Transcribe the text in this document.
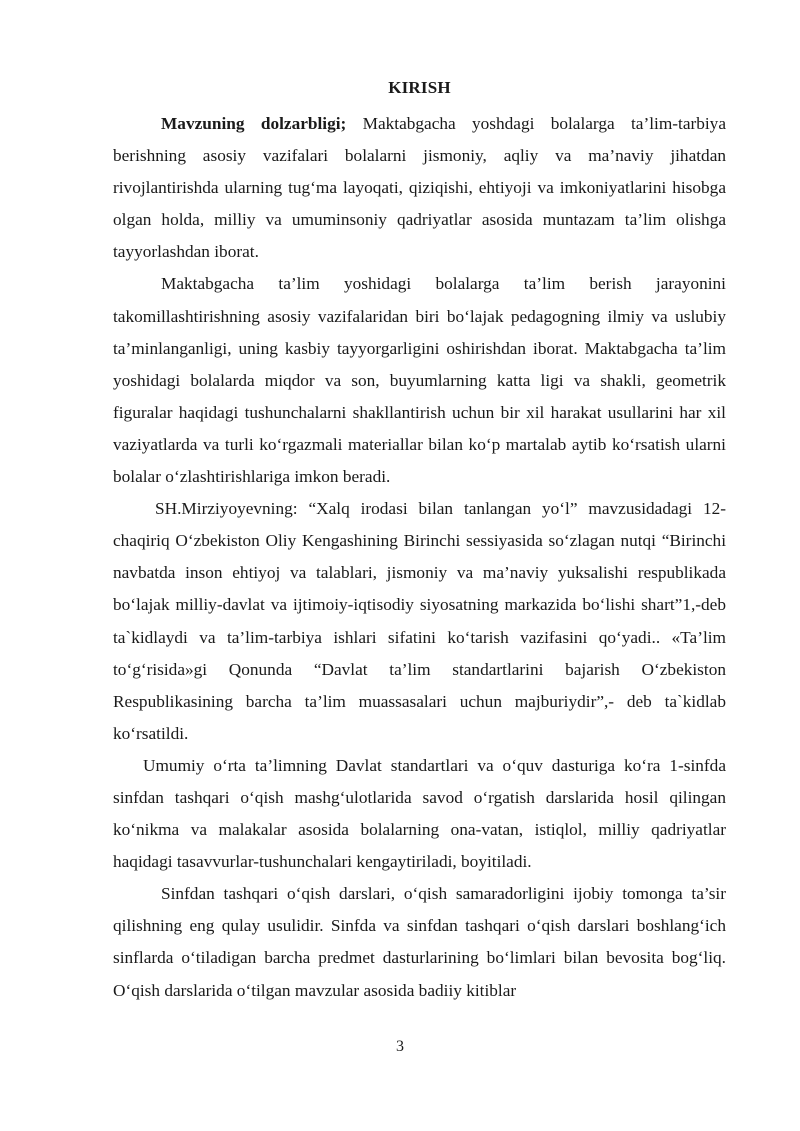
KIRISH

Mavzuning dolzarbligi; Maktabgacha yoshdagi bolalarga ta’lim-tarbiya berishning asosiy vazifalari bolalarni jismoniy, aqliy va ma’naviy jihatdan rivojlantirishda ularning tug‘ma layoqati, qiziqishi, ehtiyoji va imkoniyatlarini hisobga olgan holda, milliy va umuminsoniy qadriyatlar asosida muntazam ta’lim olishga tayyorlashdan iborat.

Maktabgacha ta’lim yoshidagi bolalarga ta’lim berish jarayonini takomillashtirishning asosiy vazifalaridan biri bo‘lajak pedagogning ilmiy va uslubiy ta’minlanganligi, uning kasbiy tayyorgarligini oshirishdan iborat. Maktabgacha ta’lim yoshidagi bolalarda miqdor va son, buyumlarning katta ligi va shakli, geometrik figuralar haqidagi tushunchalarni shakllantirish uchun bir xil harakat usullarini har xil vaziyatlarda va turli ko‘rgazmali materiallar bilan ko‘p martalab aytib ko‘rsatish ularni bolalar o‘zlashtirishlariga imkon beradi.

SH.Mirziyoyevning: “Xalq irodasi bilan tanlangan yo‘l” mavzusidadagi 12-chaqiriq O‘zbekiston Oliy Kengashining Birinchi sessiyasida so‘zlagan nutqi “Birinchi navbatda inson ehtiyoj va talablari, jismoniy va ma’naviy yuksalishi respublikada bo‘lajak milliy-davlat va ijtimoiy-iqtisodiy siyosatning markazida bo‘lishi shart”1,-deb ta`kidlaydi va ta’lim-tarbiya ishlari sifatini ko‘tarish vazifasini qo‘yadi.. «Ta’lim to‘g‘risida»gi Qonunda “Davlat ta’lim standartlarini bajarish O‘zbekiston Respublikasining barcha ta’lim muassasalari uchun majburiydir”,- deb ta`kidlab ko‘rsatildi.

Umumiy o‘rta ta’limning Davlat standartlari va o‘quv dasturiga ko‘ra 1-sinfda sinfdan tashqari o‘qish mashg‘ulotlarida savod o‘rgatish darslarida hosil qilingan ko‘nikma va malakalar asosida bolalarning ona-vatan, istiqlol, milliy qadriyatlar haqidagi tasavvurlar-tushunchalari kengaytiriladi, boyitiladi.

Sinfdan tashqari o‘qish darslari, o‘qish samaradorligini ijobiy tomonga ta’sir qilishning eng qulay usulidir. Sinfda va sinfdan tashqari o‘qish darslari boshlang‘ich sinflarda o‘tiladigan barcha predmet dasturlarining bo‘limlari bilan bevosita bog‘liq. O‘qish darslarida o‘tilgan mavzular asosida badiiy kitiblar

3
